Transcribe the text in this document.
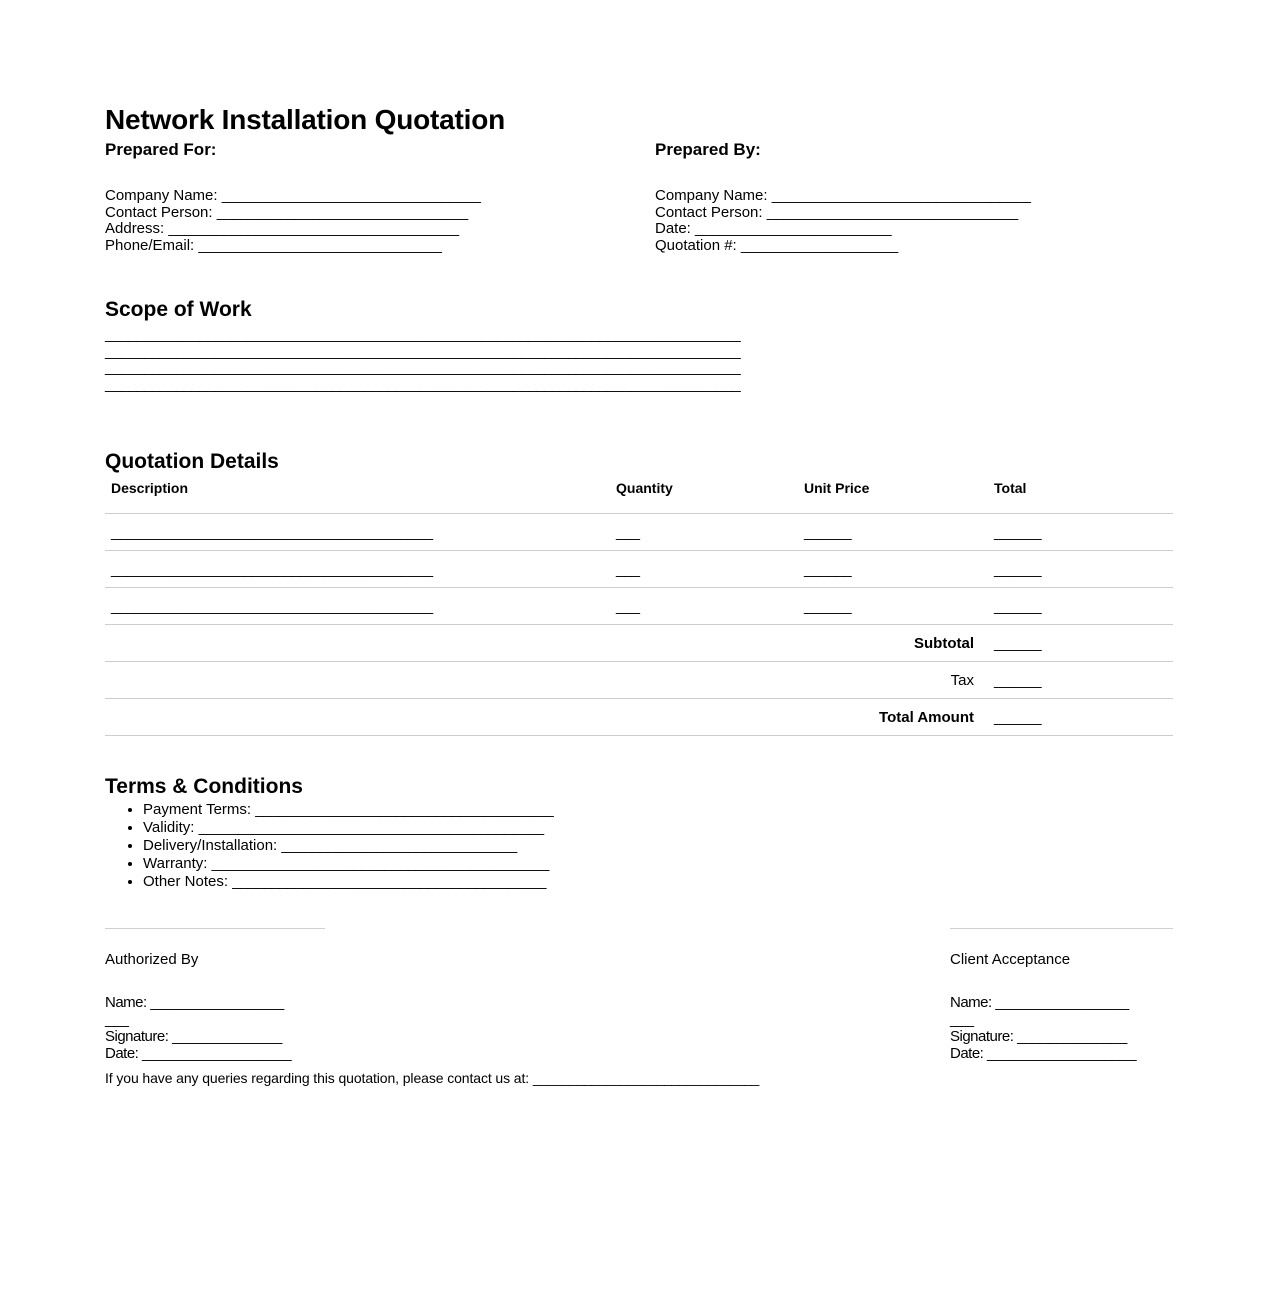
Network Installation Quotation
Prepared For:
Company Name: _________________________________
Contact Person: ________________________________
Address: _____________________________________
Phone/Email: _______________________________
Prepared By:
Company Name: _________________________________
Contact Person: ________________________________
Date: _________________________
Quotation #: ____________________
Scope of Work
_________________________________________________________________________________
_________________________________________________________________________________
_________________________________________________________________________________
_________________________________________________________________________________
Quotation Details
Description	Quantity	Unit Price	Total
_________________________________________	___	______	______
_________________________________________	___	______	______
_________________________________________	___	______	______
		Subtotal	______
		Tax	______
		Total Amount	______
Terms & Conditions
• Payment Terms: ______________________________________
• Validity: ____________________________________________
• Delivery/Installation: ______________________________
• Warranty: ___________________________________________
• Other Notes: ________________________________________
Authorized By
Name: ____________________
Signature: ______________
Date: ___________________
Client Acceptance
Name: ____________________
Signature: ______________
Date: ___________________
If you have any queries regarding this quotation, please contact us at: _______________________________
